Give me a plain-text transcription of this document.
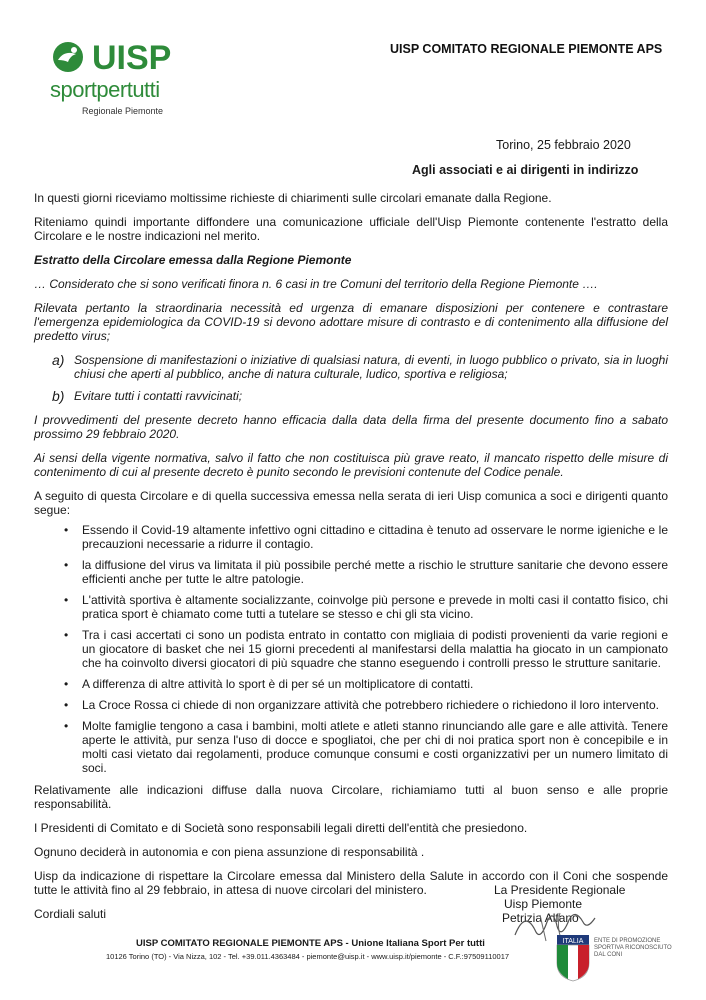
UISP
sportpertutti
Regionale Piemonte
UISP COMITATO REGIONALE PIEMONTE APS
Torino, 25 febbraio 2020
Agli associati e ai dirigenti in indirizzo

In questi giorni riceviamo moltissime richieste di chiarimenti sulle circolari emanate dalla Regione.

Riteniamo quindi importante diffondere una comunicazione ufficiale dell'Uisp Piemonte contenente l'estratto della Circolare e le nostre indicazioni nel merito.

Estratto della Circolare emessa dalla Regione Piemonte

… Considerato che si sono verificati finora n. 6 casi in tre Comuni del territorio della Regione Piemonte ….

Rilevata pertanto la straordinaria necessità ed urgenza di emanare disposizioni per contenere e contrastare l'emergenza epidemiologica da COVID-19 si devono adottare misure di contrasto e di contenimento alla diffusione del predetto virus;

a) Sospensione di manifestazioni o iniziative di qualsiasi natura, di eventi, in luogo pubblico o privato, sia in luoghi chiusi che aperti al pubblico, anche di natura culturale, ludico, sportiva e religiosa;
b) Evitare tutti i contatti ravvicinati;

I provvedimenti del presente decreto hanno efficacia dalla data della firma del presente documento fino a sabato prossimo 29 febbraio 2020.

Ai sensi della vigente normativa, salvo il fatto che non costituisca più grave reato, il mancato rispetto delle misure di contenimento di cui al presente decreto è punito secondo le previsioni contenute del Codice penale.

A seguito di questa Circolare e di quella successiva emessa nella serata di ieri Uisp comunica a soci e dirigenti quanto segue:

• Essendo il Covid-19 altamente infettivo ogni cittadino e cittadina è tenuto ad osservare le norme igieniche e le precauzioni necessarie a ridurre il contagio.
• la diffusione del virus va limitata il più possibile perché mette a rischio le strutture sanitarie che devono essere efficienti anche per tutte le altre patologie.
• L'attività sportiva è altamente socializzante, coinvolge più persone e prevede in molti casi il contatto fisico, chi pratica sport è chiamato come tutti a tutelare se stesso e chi gli sta vicino.
• Tra i casi accertati ci sono un podista entrato in contatto con migliaia di podisti provenienti da varie regioni e un giocatore di basket che nei 15 giorni precedenti al manifestarsi della malattia ha giocato in un campionato che ha coinvolto diversi giocatori di più squadre che stanno eseguendo i controlli presso le strutture sanitarie.
• A differenza di altre attività lo sport è di per sé un moltiplicatore di contatti.
• La Croce Rossa ci chiede di non organizzare attività che potrebbero richiedere o richiedono il loro intervento.
• Molte famiglie tengono a casa i bambini, molti atlete e atleti stanno rinunciando alle gare e alle attività. Tenere aperte le attività, pur senza l'uso di docce e spogliatoi, che per chi di noi pratica sport non è concepibile e in molti casi vietato dai regolamenti, produce comunque consumi e costi organizzativi per un numero limitato di soci.

Relativamente alle indicazioni diffuse dalla nuova Circolare, richiamiamo tutti al buon senso e alle proprie responsabilità.

I Presidenti di Comitato e di Società sono responsabili legali diretti dell'entità che presiedono.

Ognuno deciderà in autonomia e con piena assunzione di responsabilità .

Uisp da indicazione di rispettare la Circolare emessa dal Ministero della Salute in accordo con il Coni che sospende tutte le attività fino al 29 febbraio, in attesa di nuove circolari del ministero.

Cordiali saluti

La Presidente Regionale
Uisp Piemonte
Petrizia Alfano
UISP COMITATO REGIONALE PIEMONTE APS - Unione Italiana Sport Per tutti
10126 Torino (TO) - Via Nizza, 102 - Tel. +39.011.4363484 - piemonte@uisp.it - www.uisp.it/piemonte - C.F.:97509110017
ITALIA ENTE DI PROMOZIONE SPORTIVA RICONOSCIUTO DAL CONI
